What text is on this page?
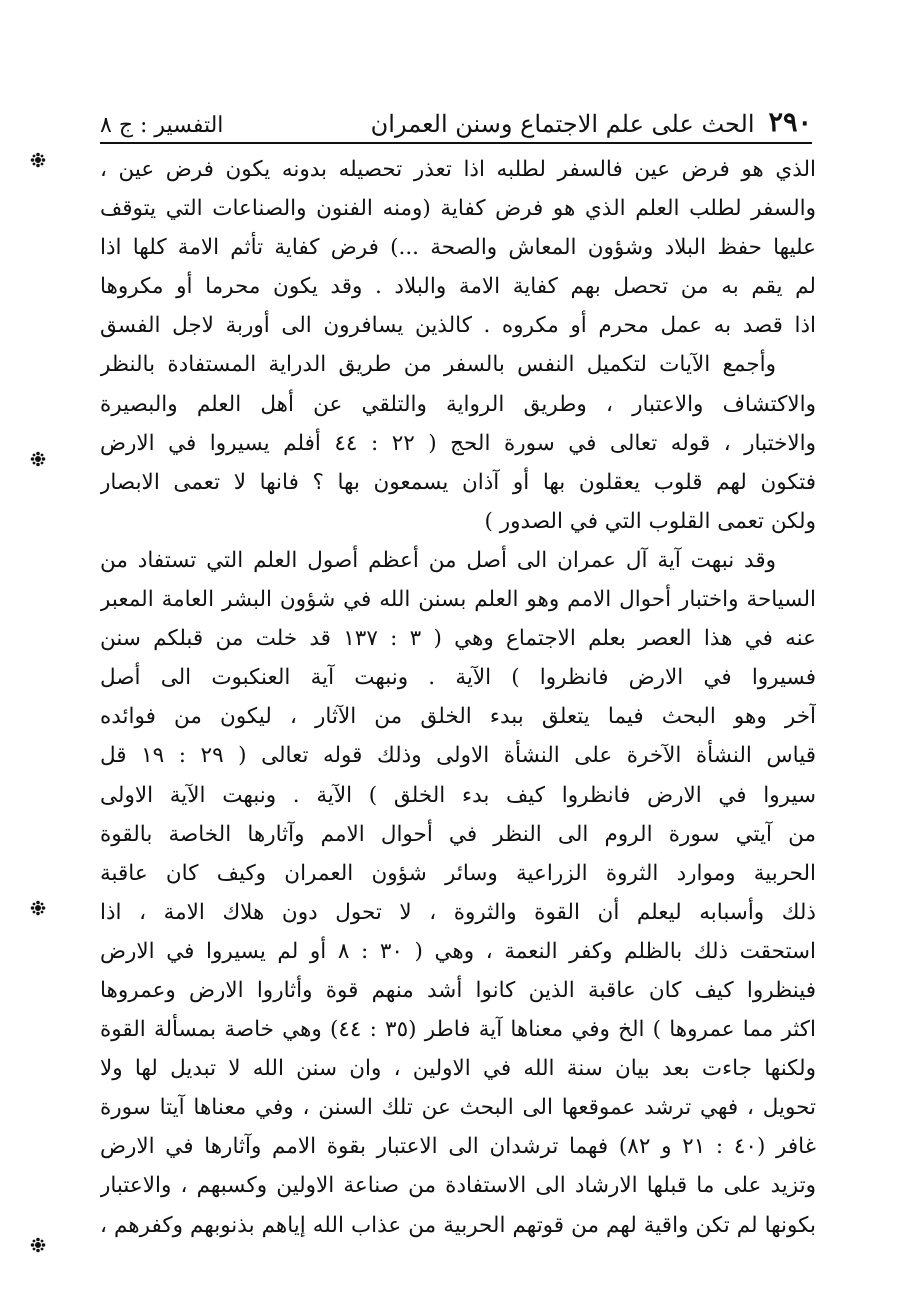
٢٩٠
الحث على علم الاجتماع وسنن العمران
التفسير : ج ٨
الذي هو فرض عين فالسفر لطلبه اذا تعذر تحصيله بدونه يكون فرض عين ،
والسفر لطلب العلم الذي هو فرض كفاية (ومنه الفنون والصناعات التي يتوقف
عليها حفظ البلاد وشؤون المعاش والصحة ...) فرض كفاية تأثم الامة كلها اذا
لم يقم به من تحصل بهم كفاية الامة والبلاد . وقد يكون محرما أو مكروها
اذا قصد به عمل محرم أو مكروه . كالذين يسافرون الى أوربة لاجل الفسق
وأجمع الآيات لتكميل النفس بالسفر من طريق الدراية المستفادة بالنظر
والاكتشاف والاعتبار ، وطريق الرواية والتلقي عن أهل العلم والبصيرة
والاختبار ، قوله تعالى في سورة الحج ( ٢٢ : ٤٤ أفلم يسيروا في الارض
فتكون لهم قلوب يعقلون بها أو آذان يسمعون بها ؟ فانها لا تعمى الابصار
ولكن تعمى القلوب التي في الصدور )
وقد نبهت آية آل عمران الى أصل من أعظم أصول العلم التي تستفاد من
السياحة واختبار أحوال الامم وهو العلم بسنن الله في شؤون البشر العامة المعبر
عنه في هذا العصر بعلم الاجتماع وهي ( ٣ : ١٣٧ قد خلت من قبلكم سنن
فسيروا في الارض فانظروا ) الآية . ونبهت آية العنكبوت الى أصل
آخر وهو البحث فيما يتعلق ببدء الخلق من الآثار ، ليكون من فوائده
قياس النشأة الآخرة على النشأة الاولى وذلك قوله تعالى ( ٢٩ : ١٩ قل
سيروا في الارض فانظروا كيف بدء الخلق ) الآية . ونبهت الآية الاولى
من آيتي سورة الروم الى النظر في أحوال الامم وآثارها الخاصة بالقوة
الحربية وموارد الثروة الزراعية وسائر شؤون العمران وكيف كان عاقبة
ذلك وأسبابه ليعلم أن القوة والثروة ، لا تحول دون هلاك الامة ، اذا
استحقت ذلك بالظلم وكفر النعمة ، وهي ( ٣٠ : ٨ أو لم يسيروا في الارض
فينظروا كيف كان عاقبة الذين كانوا أشد منهم قوة وأثاروا الارض وعمروها
اكثر مما عمروها ) الخ وفي معناها آية فاطر (٣٥ : ٤٤) وهي خاصة بمسألة القوة
ولكنها جاءت بعد بيان سنة الله في الاولين ، وان سنن الله لا تبديل لها ولا
تحويل ، فهي ترشد عموقعها الى البحث عن تلك السنن ، وفي معناها آيتا سورة
غافر (٤٠ : ٢١ و ٨٢) فهما ترشدان الى الاعتبار بقوة الامم وآثارها في الارض
وتزيد على ما قبلها الارشاد الى الاستفادة من صناعة الاولين وكسبهم ، والاعتبار
بكونها لم تكن واقية لهم من قوتهم الحربية من عذاب الله إياهم بذنوبهم وكفرهم ،
